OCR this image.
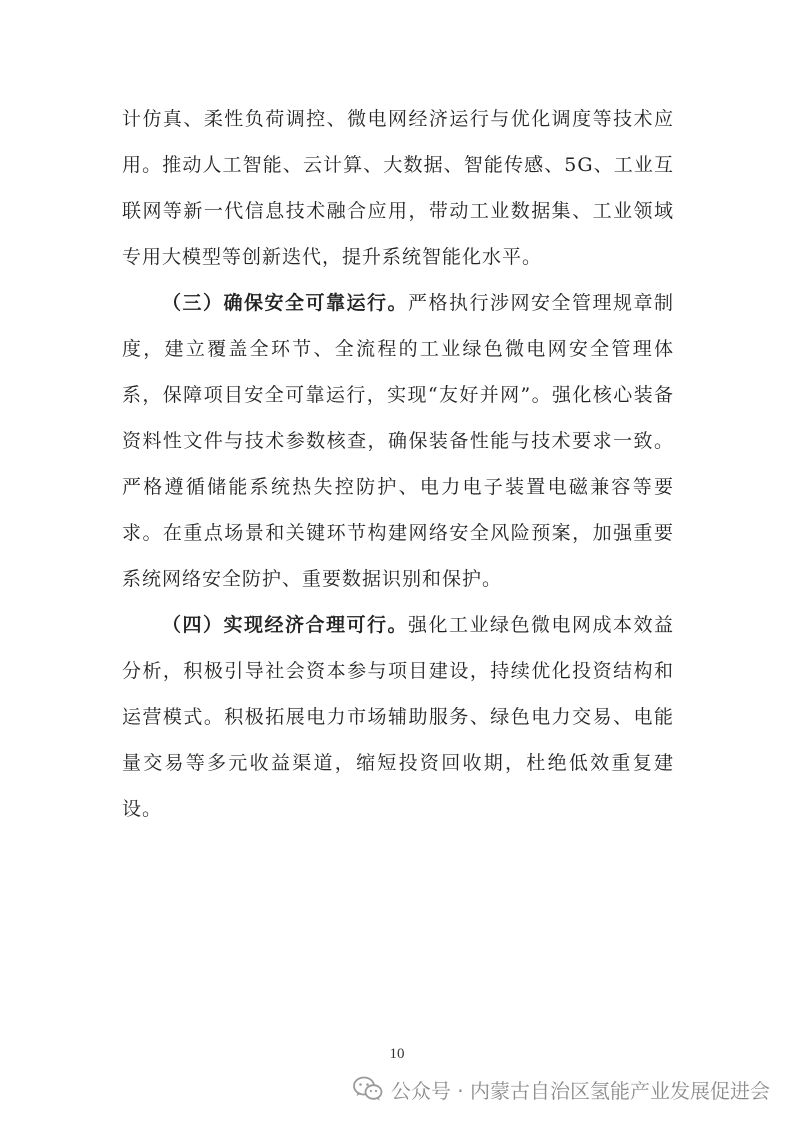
计仿真、柔性负荷调控、微电网经济运行与优化调度等技术应用。推动人工智能、云计算、大数据、智能传感、5G、工业互联网等新一代信息技术融合应用，带动工业数据集、工业领域专用大模型等创新迭代，提升系统智能化水平。

（三）确保安全可靠运行。严格执行涉网安全管理规章制度，建立覆盖全环节、全流程的工业绿色微电网安全管理体系，保障项目安全可靠运行，实现“友好并网”。强化核心装备资料性文件与技术参数核查，确保装备性能与技术要求一致。严格遵循储能系统热失控防护、电力电子装置电磁兼容等要求。在重点场景和关键环节构建网络安全风险预案，加强重要系统网络安全防护、重要数据识别和保护。

（四）实现经济合理可行。强化工业绿色微电网成本效益分析，积极引导社会资本参与项目建设，持续优化投资结构和运营模式。积极拓展电力市场辅助服务、绿色电力交易、电能量交易等多元收益渠道，缩短投资回收期，杜绝低效重复建设。

10
公众号 · 内蒙古自治区氢能产业发展促进会
